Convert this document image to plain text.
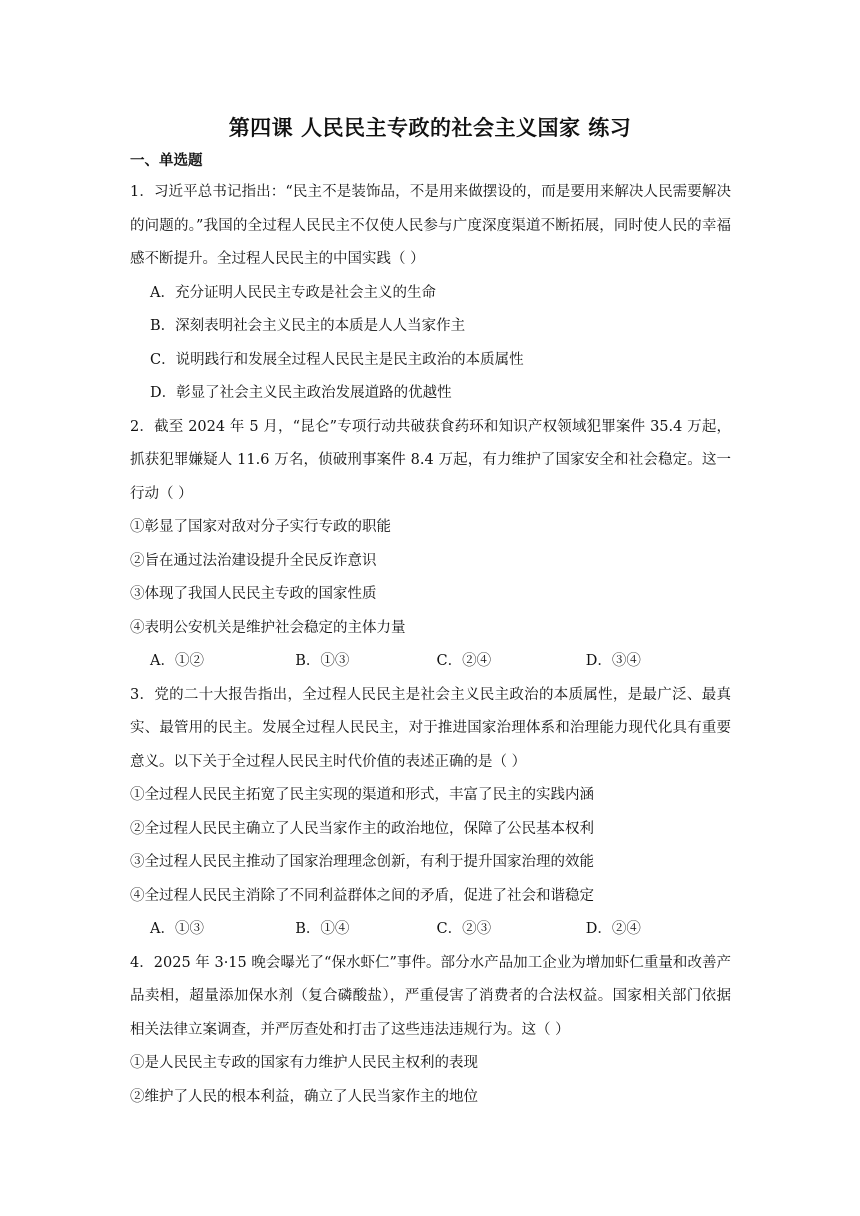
第四课 人民民主专政的社会主义国家 练习
一、单选题
1．习近平总书记指出：“民主不是装饰品，不是用来做摆设的，而是要用来解决人民需要解决的问题的。”我国的全过程人民民主不仅使人民参与广度深度渠道不断拓展，同时使人民的幸福感不断提升。全过程人民民主的中国实践（ ）
A．充分证明人民民主专政是社会主义的生命
B．深刻表明社会主义民主的本质是人人当家作主
C．说明践行和发展全过程人民民主是民主政治的本质属性
D．彰显了社会主义民主政治发展道路的优越性
2．截至 2024 年 5 月，“昆仑”专项行动共破获食药环和知识产权领域犯罪案件 35.4 万起，抓获犯罪嫌疑人 11.6 万名，侦破刑事案件 8.4 万起，有力维护了国家安全和社会稳定。这一行动（ ）
①彰显了国家对敌对分子实行专政的职能
②旨在通过法治建设提升全民反诈意识
③体现了我国人民民主专政的国家性质
④表明公安机关是维护社会稳定的主体力量
A．①②	B．①③	C．②④	D．③④
3．党的二十大报告指出，全过程人民民主是社会主义民主政治的本质属性，是最广泛、最真实、最管用的民主。发展全过程人民民主，对于推进国家治理体系和治理能力现代化具有重要意义。以下关于全过程人民民主时代价值的表述正确的是（ ）
①全过程人民民主拓宽了民主实现的渠道和形式，丰富了民主的实践内涵
②全过程人民民主确立了人民当家作主的政治地位，保障了公民基本权利
③全过程人民民主推动了国家治理理念创新，有利于提升国家治理的效能
④全过程人民民主消除了不同利益群体之间的矛盾，促进了社会和谐稳定
A．①③	B．①④	C．②③	D．②④
4．2025 年 3·15 晚会曝光了“保水虾仁”事件。部分水产品加工企业为增加虾仁重量和改善产品卖相，超量添加保水剂（复合磷酸盐），严重侵害了消费者的合法权益。国家相关部门依据相关法律立案调查，并严厉查处和打击了这些违法违规行为。这（ ）
①是人民民主专政的国家有力维护人民民主权利的表现
②维护了人民的根本利益，确立了人民当家作主的地位
